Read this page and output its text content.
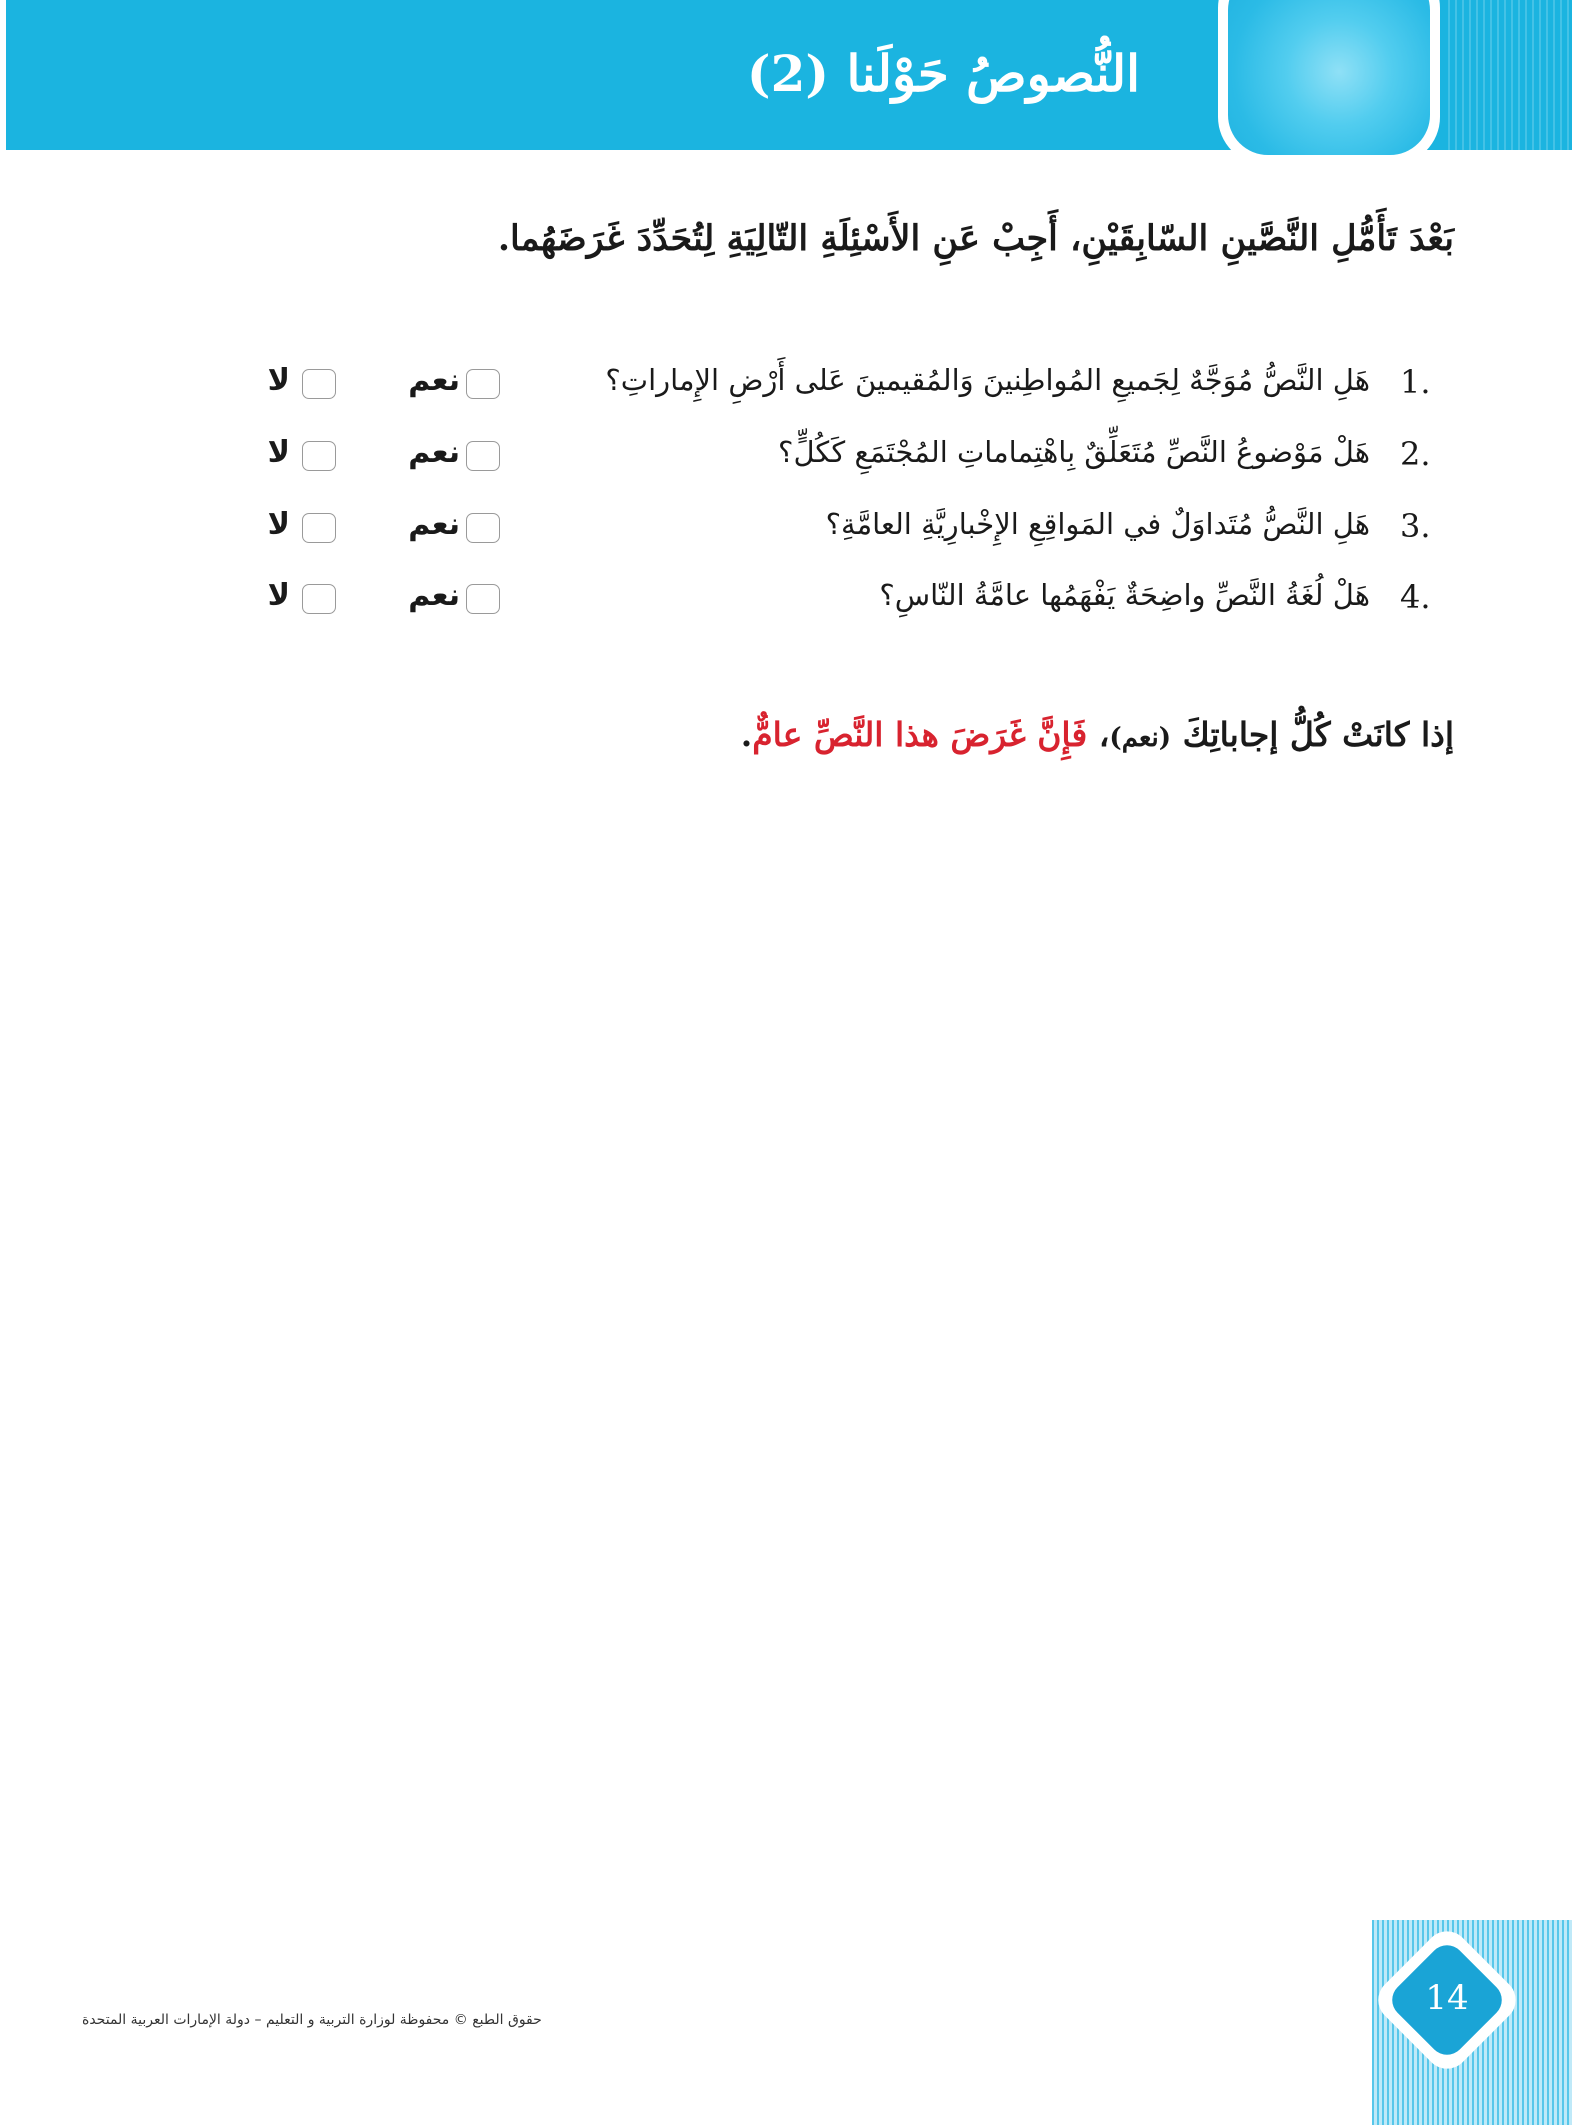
النُّصوصُ حَوْلَنا (2)
بَعْدَ تَأَمُّلِ النَّصَّينِ السّابِقَيْنِ، أَجِبْ عَنِ الأَسْئِلَةِ التّالِيَةِ لِتُحَدِّدَ غَرَضَهُما.
1.
هَلِ النَّصُّ مُوَجَّهٌ لِجَميعِ المُواطِنينَ وَالمُقيمينَ عَلى أَرْضِ الإِماراتِ؟
نعم
لا
2.
هَلْ مَوْضوعُ النَّصِّ مُتَعَلِّقٌ بِاهْتِماماتِ المُجْتَمَعِ كَكُلٍّ؟
نعم
لا
3.
هَلِ النَّصُّ مُتَداوَلٌ في المَواقِعِ الإِخْبارِيَّةِ العامَّةِ؟
نعم
لا
4.
هَلْ لُغَةُ النَّصِّ واضِحَةٌ يَفْهَمُها عامَّةُ النّاسِ؟
نعم
لا
إذا كانَتْ كُلُّ إجاباتِكَ (نعم)، فَإِنَّ غَرَضَ هذا النَّصِّ عامٌّ.
حقوق الطبع © محفوظة لوزارة التربية و التعليم – دولة الإمارات العربية المتحدة
14
